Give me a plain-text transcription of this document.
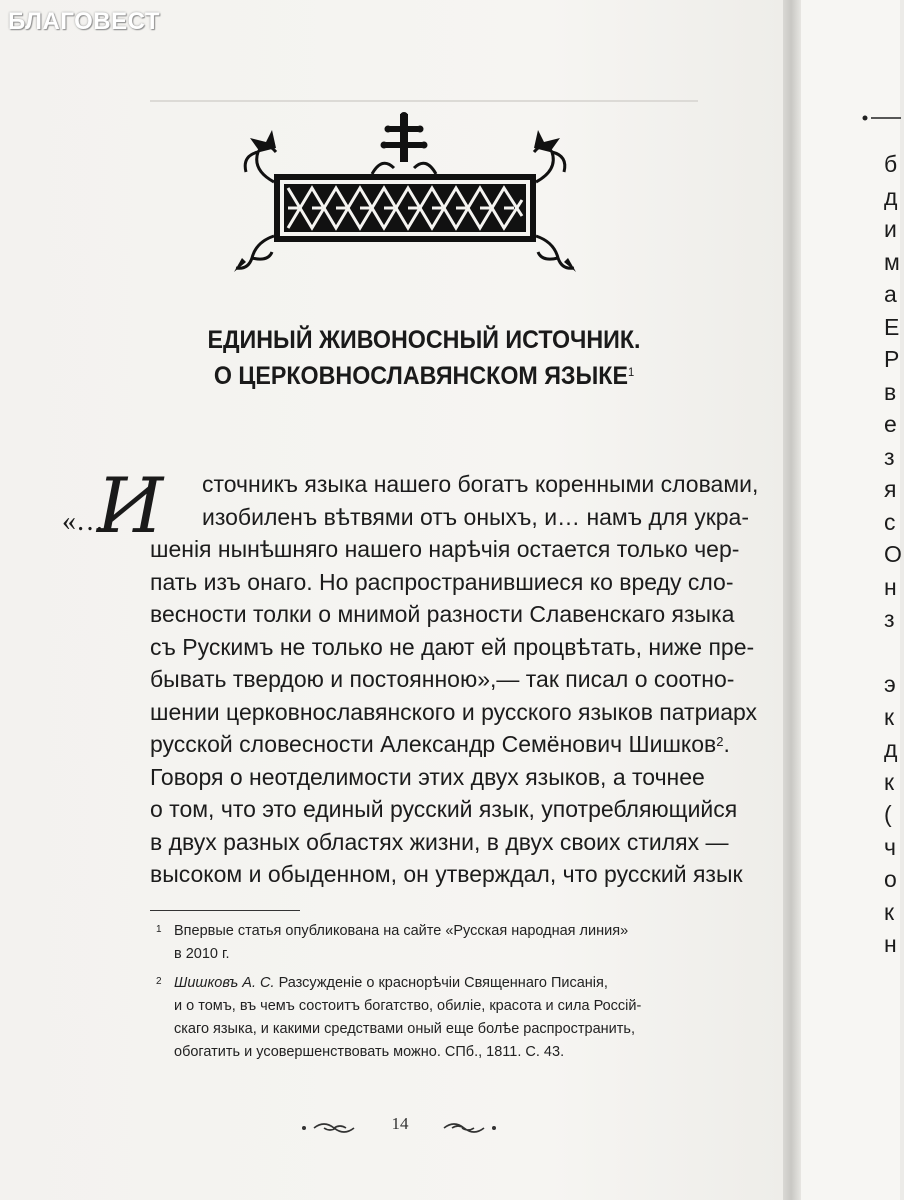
БЛАГОВЕСТ
ЕДИНЫЙ ЖИВОНОСНЫЙ ИСТОЧНИК.
О ЦЕРКОВНОСЛАВЯНСКОМ ЯЗЫКЕ$^1$
«…
И	сточникъ языка нашего богатъ коренными словами,
изобиленъ вѣтвями отъ оныхъ, и… намъ для укра-
шенія нынѣшняго нашего нарѣчія остается только чер-
пать изъ онаго. Но распространившиеся ко вреду сло-
весности толки о мнимой разности Славенскаго языка
съ Рускимъ не только не дают ей процвѣтать, ниже пре-
бывать твердою и постоянною»,— так писал о соотно-
шении церковнославянского и русского языков патриарх
русской словесности Александр Семёнович Шишков$^2$.
Говоря о неотделимости этих двух языков, а точнее
о том, что это единый русский язык, употребляющийся
в двух разных областях жизни, в двух своих стилях —
высоком и обыденном, он утверждал, что русский язык
1 Впервые статья опубликована на сайте «Русская народная линия»
в 2010 г.
2 Шишковъ А. С. Разсужденіе о краснорѣчіи Священнаго Писанія,
и о томъ, въ чемъ состоитъ богатство, обиліе, красота и сила Россій-
скаго языка, и какими средствами оный еще болѣе распространить,
обогатить и усовершенствовать можно. СПб., 1811. С. 43.
14
б
д
и
м
а
Е
Р
в
е
з
я
с
О
н
з

э
к
д
к
(
ч
о
к
н
